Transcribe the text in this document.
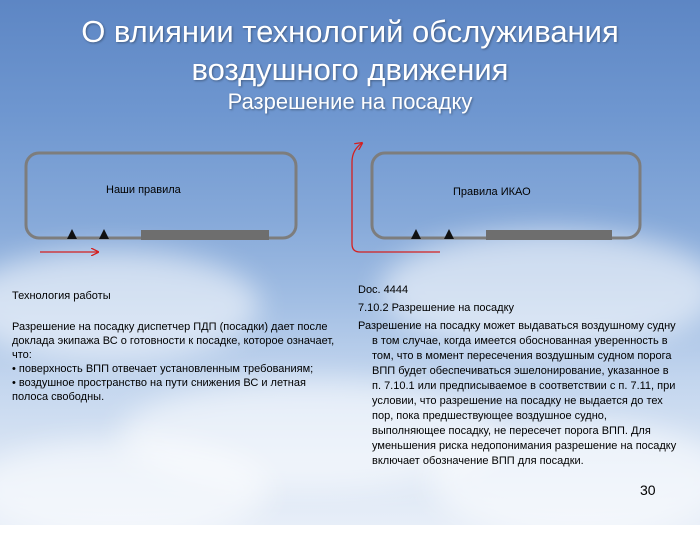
О влиянии технологий обслуживания
воздушного движения
Разрешение на посадку
Наши правила	Правила ИКАО

Технология работы

Разрешение на посадку диспетчер ПДП (посадки) дает после доклада экипажа ВС о готовности к посадке, которое означает, что:

• поверхность ВПП отвечает установленным требованиям;

• воздушное пространство на пути снижения ВС и летная полоса свободны.

Doc. 4444

7.10.2 Разрешение на посадку

Разрешение на посадку может выдаваться воздушному судну в том случае, когда имеется обоснованная уверенность в том, что в момент пересечения воздушным судном порога ВПП будет обеспечиваться эшелонирование, указанное в п. 7.10.1 или предписываемое в соответствии с п. 7.11, при условии, что разрешение на посадку не выдается до тех пор, пока предшествующее воздушное судно, выполняющее посадку, не пересечет порога ВПП. Для уменьшения риска недопонимания разрешение на посадку включает обозначение ВПП для посадки.

30
